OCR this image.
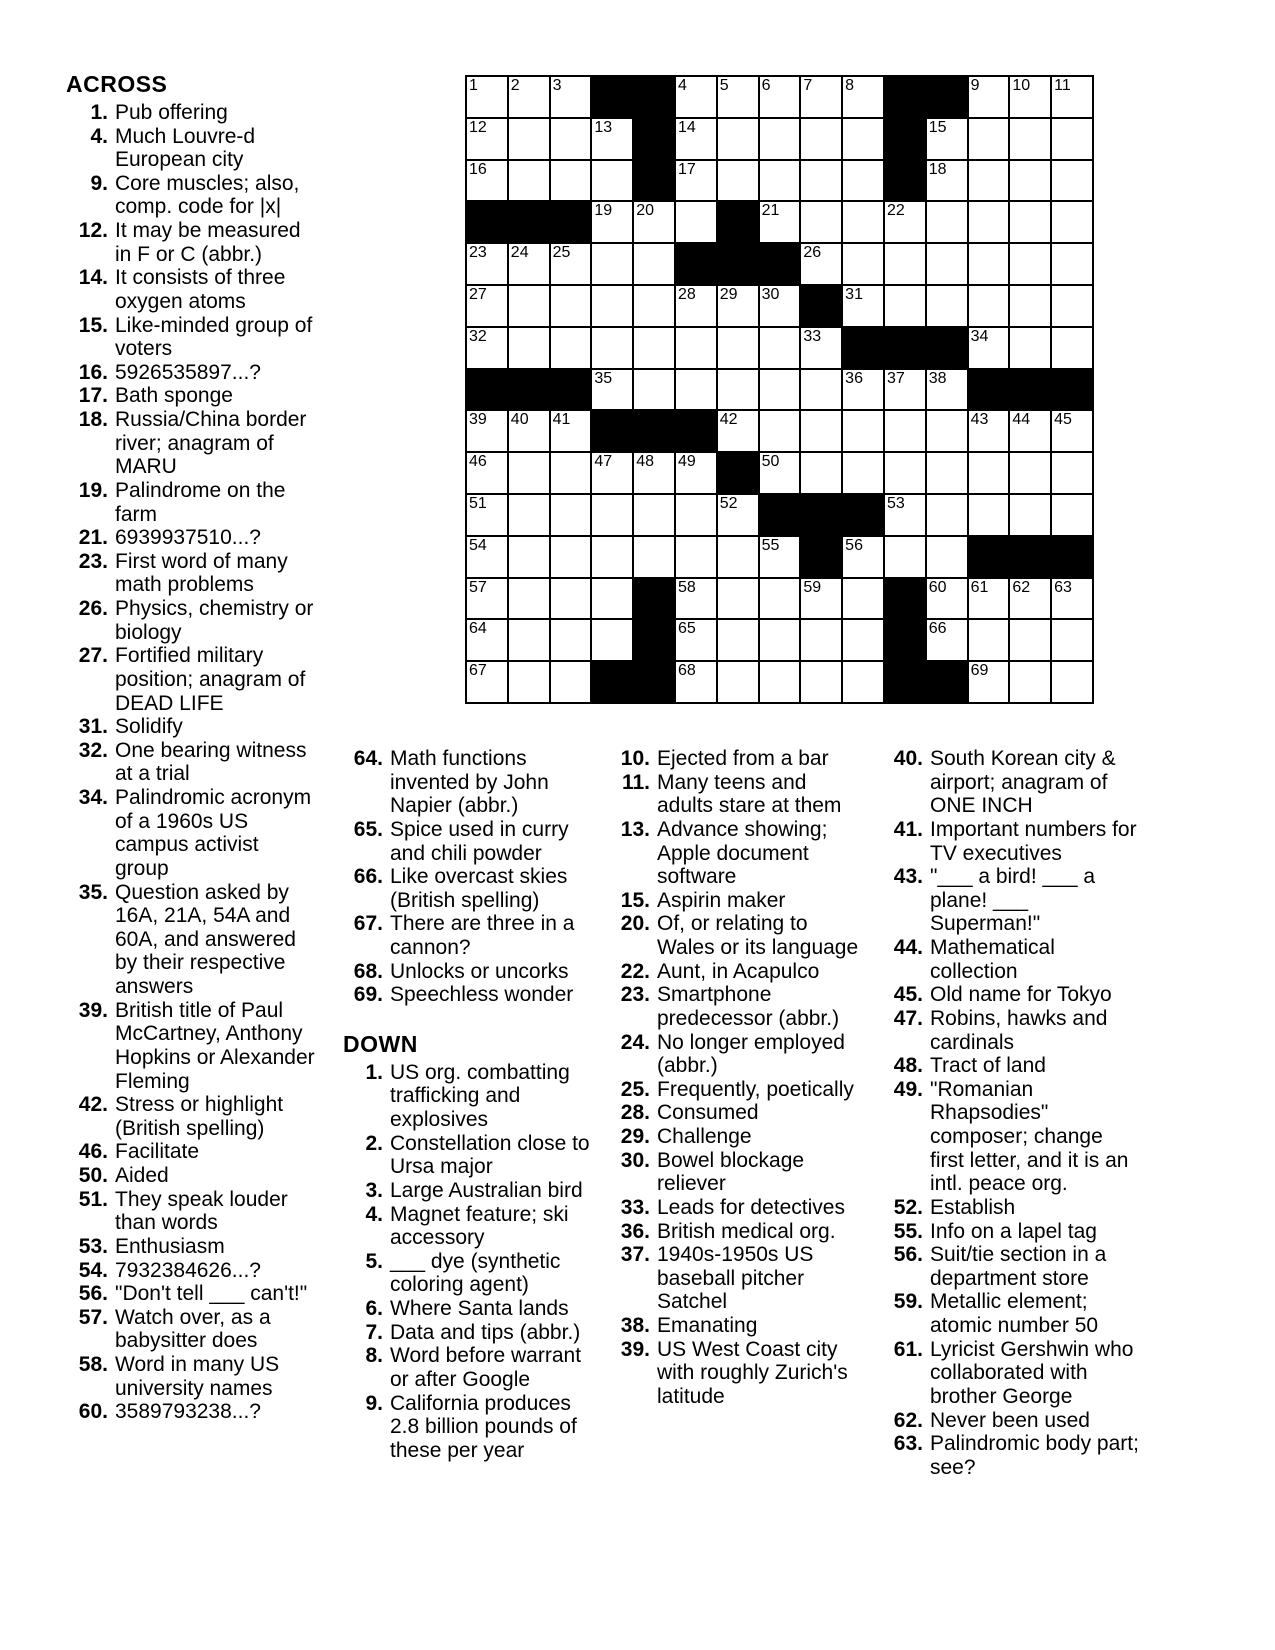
ACROSS
1. Pub offering
4. Much Louvre-d European city
9. Core muscles; also, comp. code for |x|
12. It may be measured in F or C (abbr.)
14. It consists of three oxygen atoms
15. Like-minded group of voters
16. 5926535897...?
17. Bath sponge
18. Russia/China border river; anagram of MARU
19. Palindrome on the farm
21. 6939937510...?
23. First word of many math problems
26. Physics, chemistry or biology
27. Fortified military position; anagram of DEAD LIFE
31. Solidify
32. One bearing witness at a trial
34. Palindromic acronym of a 1960s US campus activist group
35. Question asked by 16A, 21A, 54A and 60A, and answered by their respective answers
39. British title of Paul McCartney, Anthony Hopkins or Alexander Fleming
42. Stress or highlight (British spelling)
46. Facilitate
50. Aided
51. They speak louder than words
53. Enthusiasm
54. 7932384626...?
56. "Don't tell ___ can't!"
57. Watch over, as a babysitter does
58. Word in many US university names
60. 3589793238...?
1 2 3	4 5 6 7 8	9 10 11
12	13	14	15
16	17	18
19 20	21	22
23 24 25	26
27	28 29 30	31
32	33	34
35	36 37 38
39 40 41	42	43 44 45
46	47 48 49	50
51	52	53
54	55	56
57	58	59	60 61 62 63
64	65	66
67	68	69
64. Math functions invented by John Napier (abbr.)
65. Spice used in curry and chili powder
66. Like overcast skies (British spelling)
67. There are three in a cannon?
68. Unlocks or uncorks
69. Speechless wonder
DOWN
1. US org. combatting trafficking and explosives
2. Constellation close to Ursa major
3. Large Australian bird
4. Magnet feature; ski accessory
5. ___ dye (synthetic coloring agent)
6. Where Santa lands
7. Data and tips (abbr.)
8. Word before warrant or after Google
9. California produces 2.8 billion pounds of these per year
10. Ejected from a bar
11. Many teens and adults stare at them
13. Advance showing; Apple document software
15. Aspirin maker
20. Of, or relating to Wales or its language
22. Aunt, in Acapulco
23. Smartphone predecessor (abbr.)
24. No longer employed (abbr.)
25. Frequently, poetically
28. Consumed
29. Challenge
30. Bowel blockage reliever
33. Leads for detectives
36. British medical org.
37. 1940s-1950s US baseball pitcher Satchel
38. Emanating
39. US West Coast city with roughly Zurich's latitude
40. South Korean city & airport; anagram of ONE INCH
41. Important numbers for TV executives
43. "___ a bird! ___ a plane! ___ Superman!"
44. Mathematical collection
45. Old name for Tokyo
47. Robins, hawks and cardinals
48. Tract of land
49. "Romanian Rhapsodies" composer; change first letter, and it is an intl. peace org.
52. Establish
55. Info on a lapel tag
56. Suit/tie section in a department store
59. Metallic element; atomic number 50
61. Lyricist Gershwin who collaborated with brother George
62. Never been used
63. Palindromic body part; see?
